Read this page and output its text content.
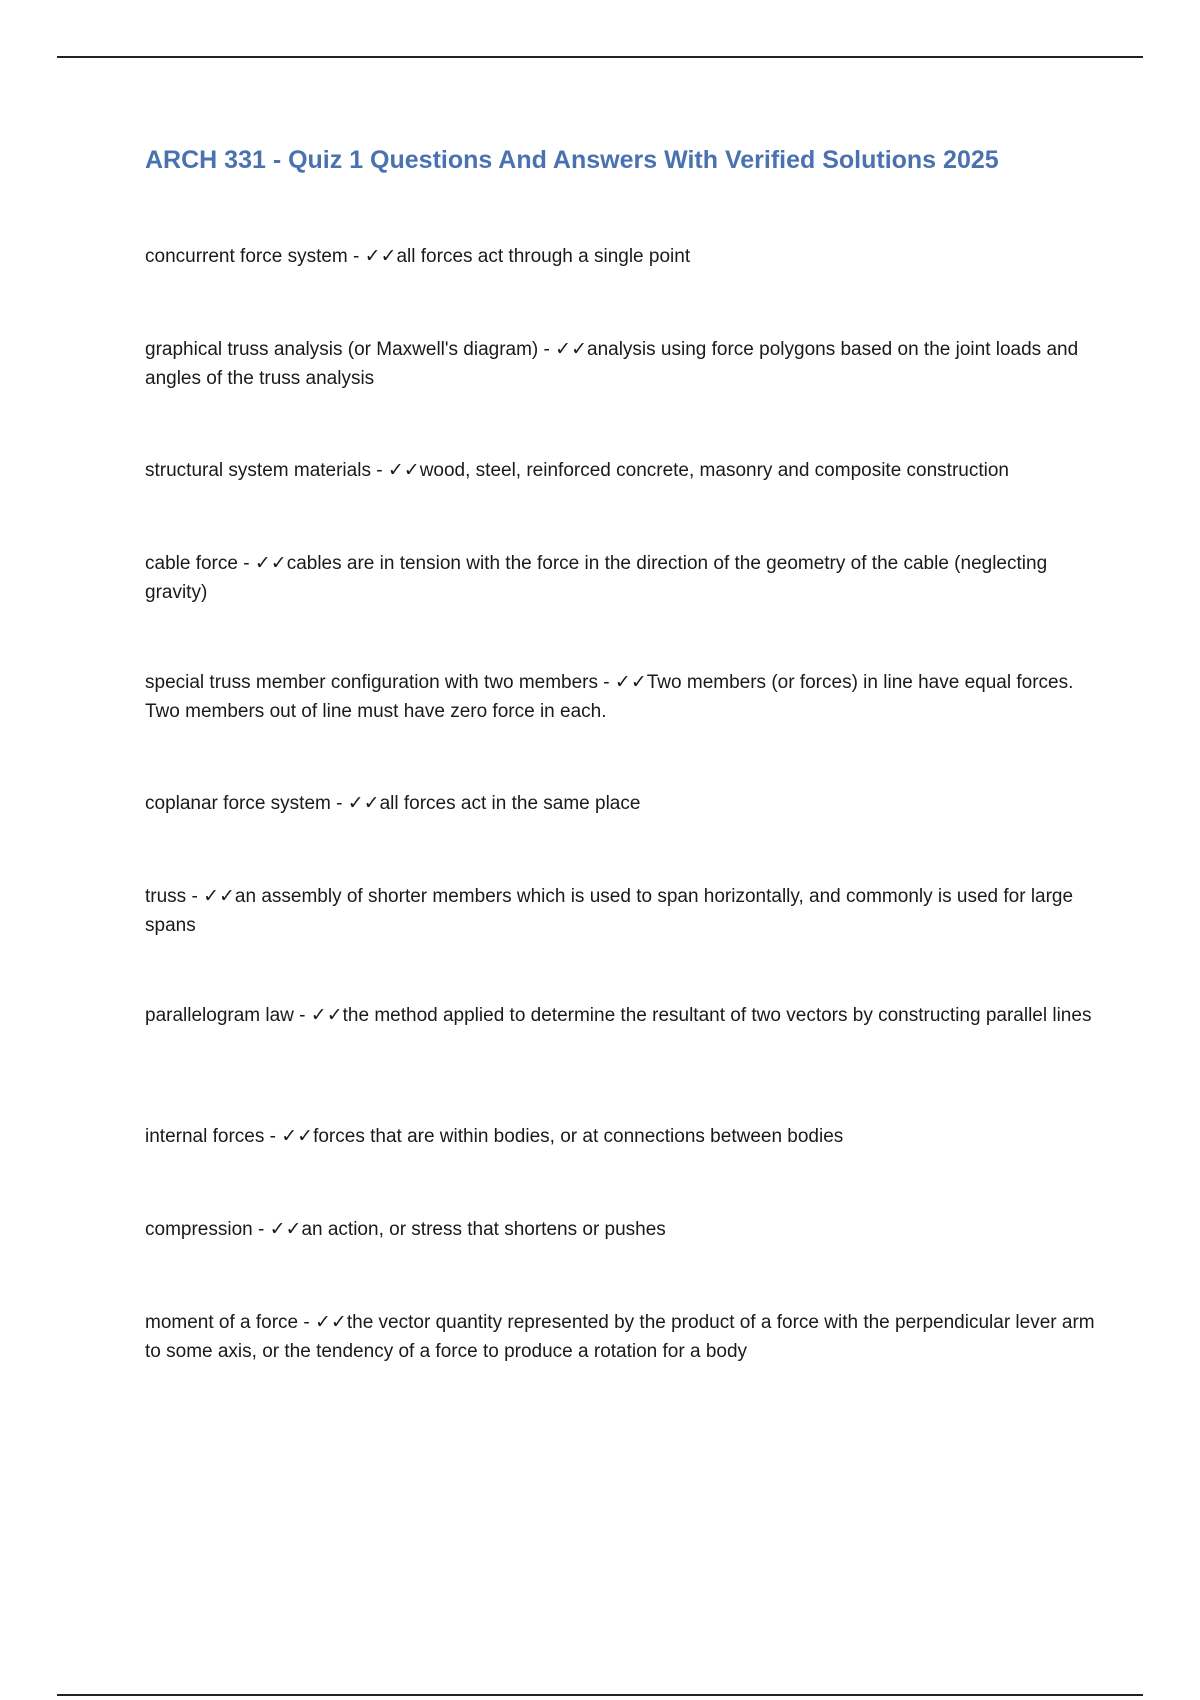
ARCH 331 - Quiz 1 Questions And Answers With Verified Solutions 2025

concurrent force system - ✓✓all forces act through a single point

graphical truss analysis (or Maxwell's diagram) - ✓✓analysis using force polygons based on the joint loads and angles of the truss analysis

structural system materials - ✓✓wood, steel, reinforced concrete, masonry and composite construction

cable force - ✓✓cables are in tension with the force in the direction of the geometry of the cable (neglecting gravity)

special truss member configuration with two members - ✓✓Two members (or forces) in line have equal forces. Two members out of line must have zero force in each.

coplanar force system - ✓✓all forces act in the same place

truss - ✓✓an assembly of shorter members which is used to span horizontally, and commonly is used for large spans

parallelogram law - ✓✓the method applied to determine the resultant of two vectors by constructing parallel lines

internal forces - ✓✓forces that are within bodies, or at connections between bodies

compression - ✓✓an action, or stress that shortens or pushes

moment of a force - ✓✓the vector quantity represented by the product of a force with the perpendicular lever arm to some axis, or the tendency of a force to produce a rotation for a body
